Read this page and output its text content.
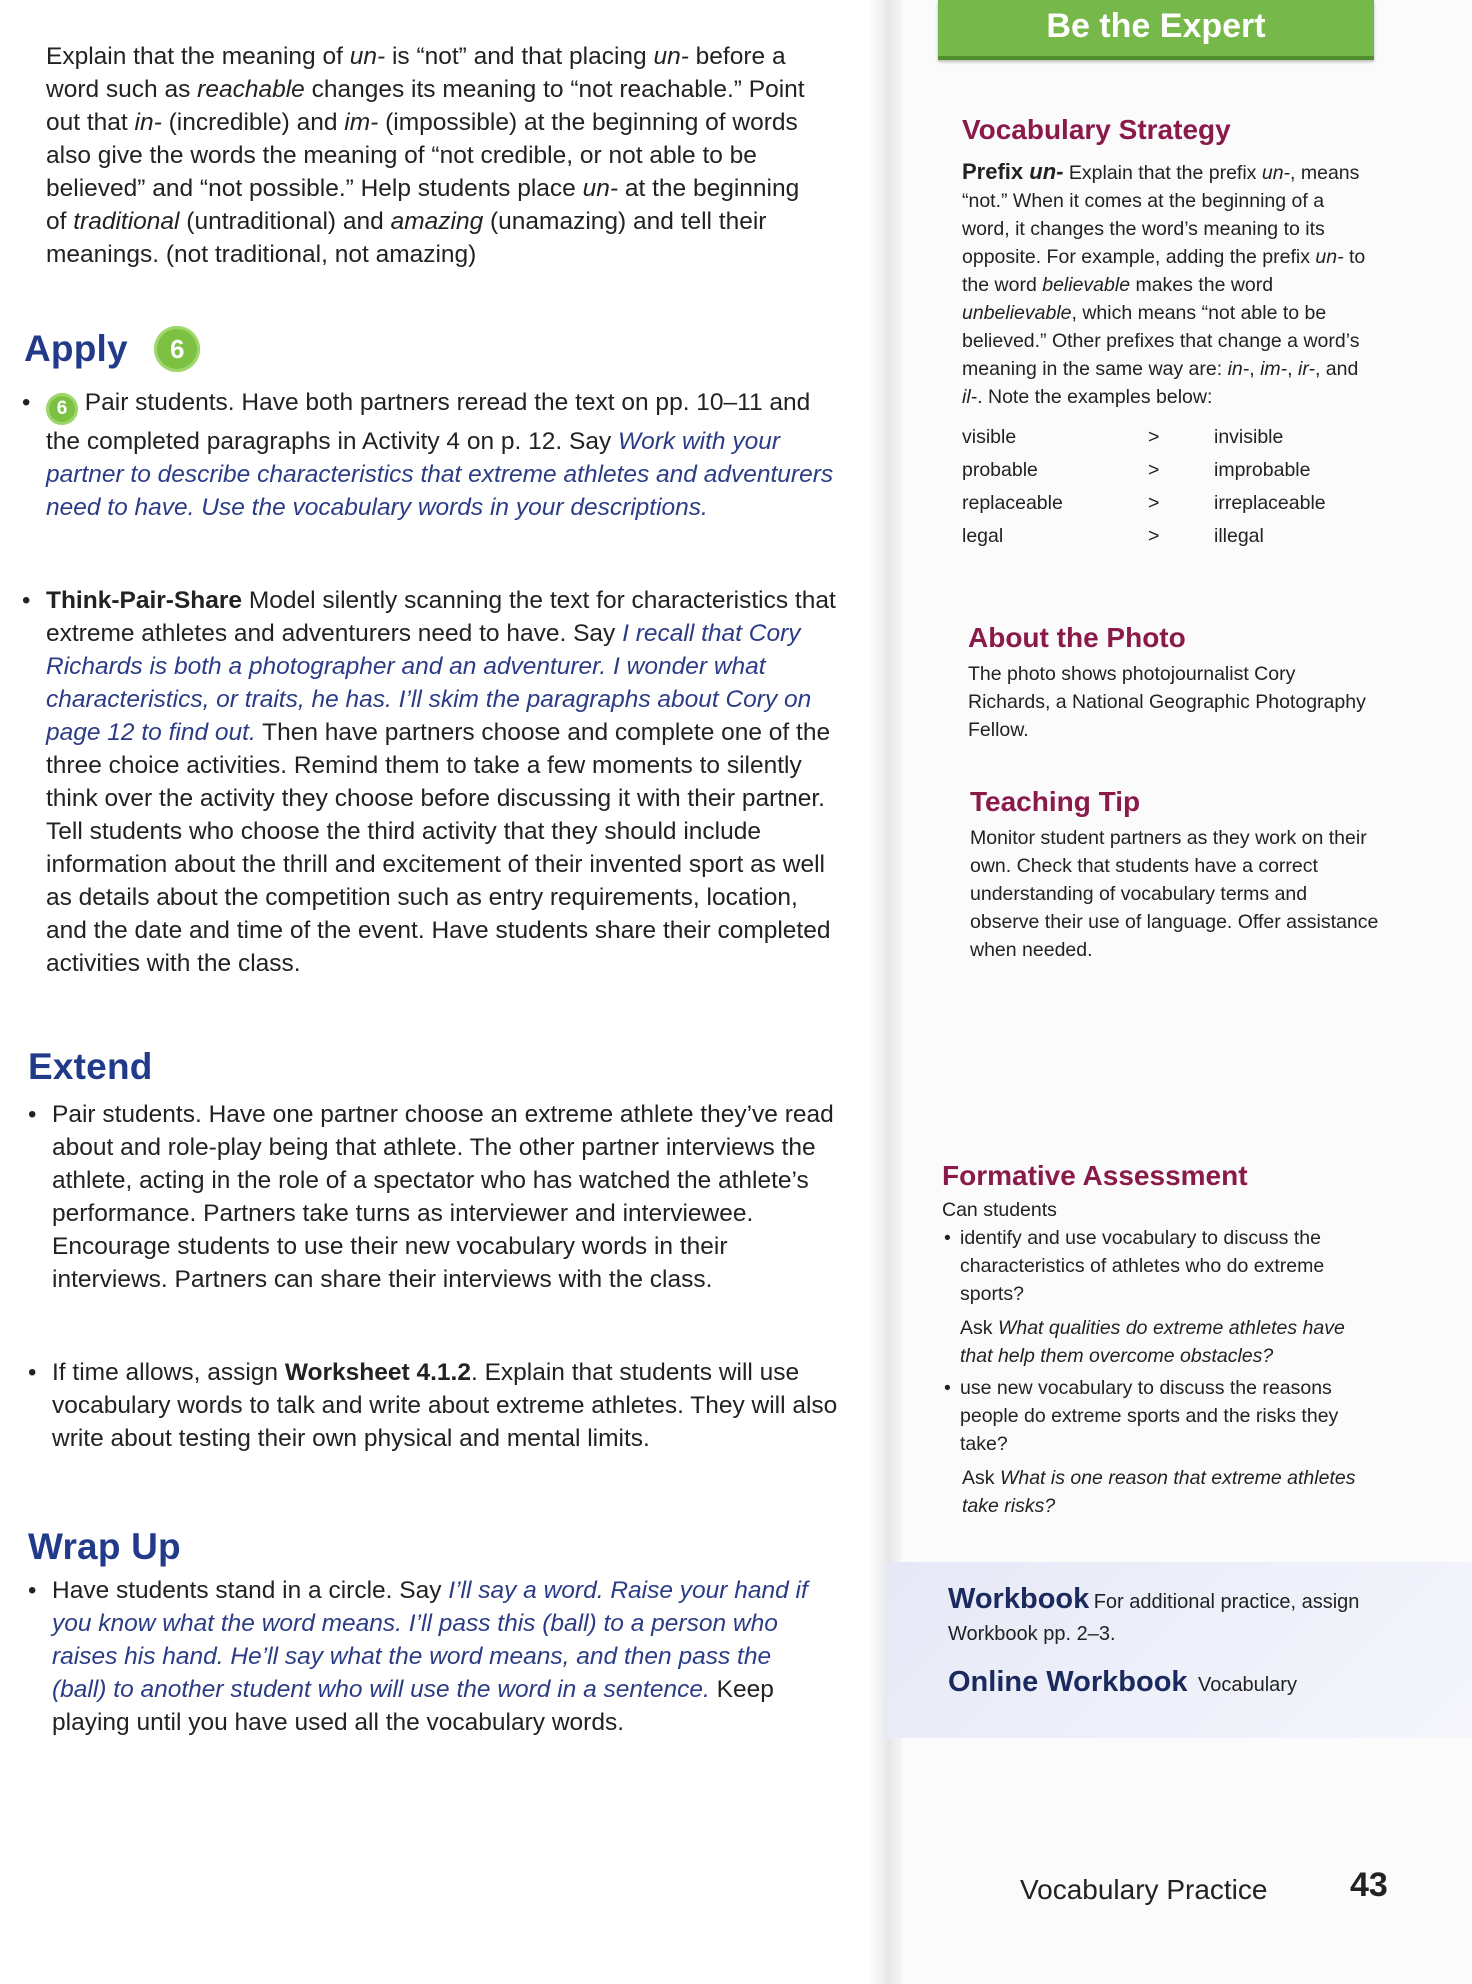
Explain that the meaning of un- is “not” and that placing un- before a word such as reachable changes its meaning to “not reachable.” Point out that in- (incredible) and im- (impossible) at the beginning of words also give the words the meaning of “not credible, or not able to be believed” and “not possible.” Help students place un- at the beginning of traditional (untraditional) and amazing (unamazing) and tell their meanings. (not traditional, not amazing)

Apply 6
•	6 Pair students. Have both partners reread the text on pp. 10–11 and the completed paragraphs in Activity 4 on p. 12. Say Work with your partner to describe characteristics that extreme athletes and adventurers need to have. Use the vocabulary words in your descriptions.
• Think-Pair-Share Model silently scanning the text for characteristics that extreme athletes and adventurers need to have. Say I recall that Cory Richards is both a photographer and an adventurer. I wonder what characteristics, or traits, he has. I’ll skim the paragraphs about Cory on page 12 to find out. Then have partners choose and complete one of the three choice activities. Remind them to take a few moments to silently think over the activity they choose before discussing it with their partner. Tell students who choose the third activity that they should include information about the thrill and excitement of their invented sport as well as details about the competition such as entry requirements, location, and the date and time of the event. Have students share their completed activities with the class.
Extend
• Pair students. Have one partner choose an extreme athlete they’ve read about and role-play being that athlete. The other partner interviews the athlete, acting in the role of a spectator who has watched the athlete’s performance. Partners take turns as interviewer and interviewee. Encourage students to use their new vocabulary words in their interviews. Partners can share their interviews with the class.
• If time allows, assign Worksheet 4.1.2. Explain that students will use vocabulary words to talk and write about extreme athletes. They will also write about testing their own physical and mental limits.
Wrap Up
• Have students stand in a circle. Say I’ll say a word. Raise your hand if you know what the word means. I’ll pass this (ball) to a person who raises his hand. He’ll say what the word means, and then pass the (ball) to another student who will use the word in a sentence. Keep playing until you have used all the vocabulary words.
Be the Expert
Vocabulary Strategy

Prefix un- Explain that the prefix un-, means “not.” When it comes at the beginning of a word, it changes the word’s meaning to its opposite. For example, adding the prefix un- to the word believable makes the word unbelievable, which means “not able to be believed.” Other prefixes that change a word’s meaning in the same way are: in-, im-, ir-, and il-. Note the examples below:

visible	>	invisible
probable	>	improbable
replaceable	>	irreplaceable
legal	>	illegal
About the Photo

The photo shows photojournalist Cory Richards, a National Geographic Photography Fellow.

Teaching Tip

Monitor student partners as they work on their own. Check that students have a correct understanding of vocabulary terms and observe their use of language. Offer assistance when needed.

Formative Assessment

Can students

• identify and use vocabulary to discuss the characteristics of athletes who do extreme sports?

Ask What qualities do extreme athletes have that help them overcome obstacles?

• use new vocabulary to discuss the reasons people do extreme sports and the risks they take?

Ask What is one reason that extreme athletes take risks?

Workbook For additional practice, assign Workbook pp. 2–3.
Online Workbook Vocabulary
Vocabulary Practice 43
